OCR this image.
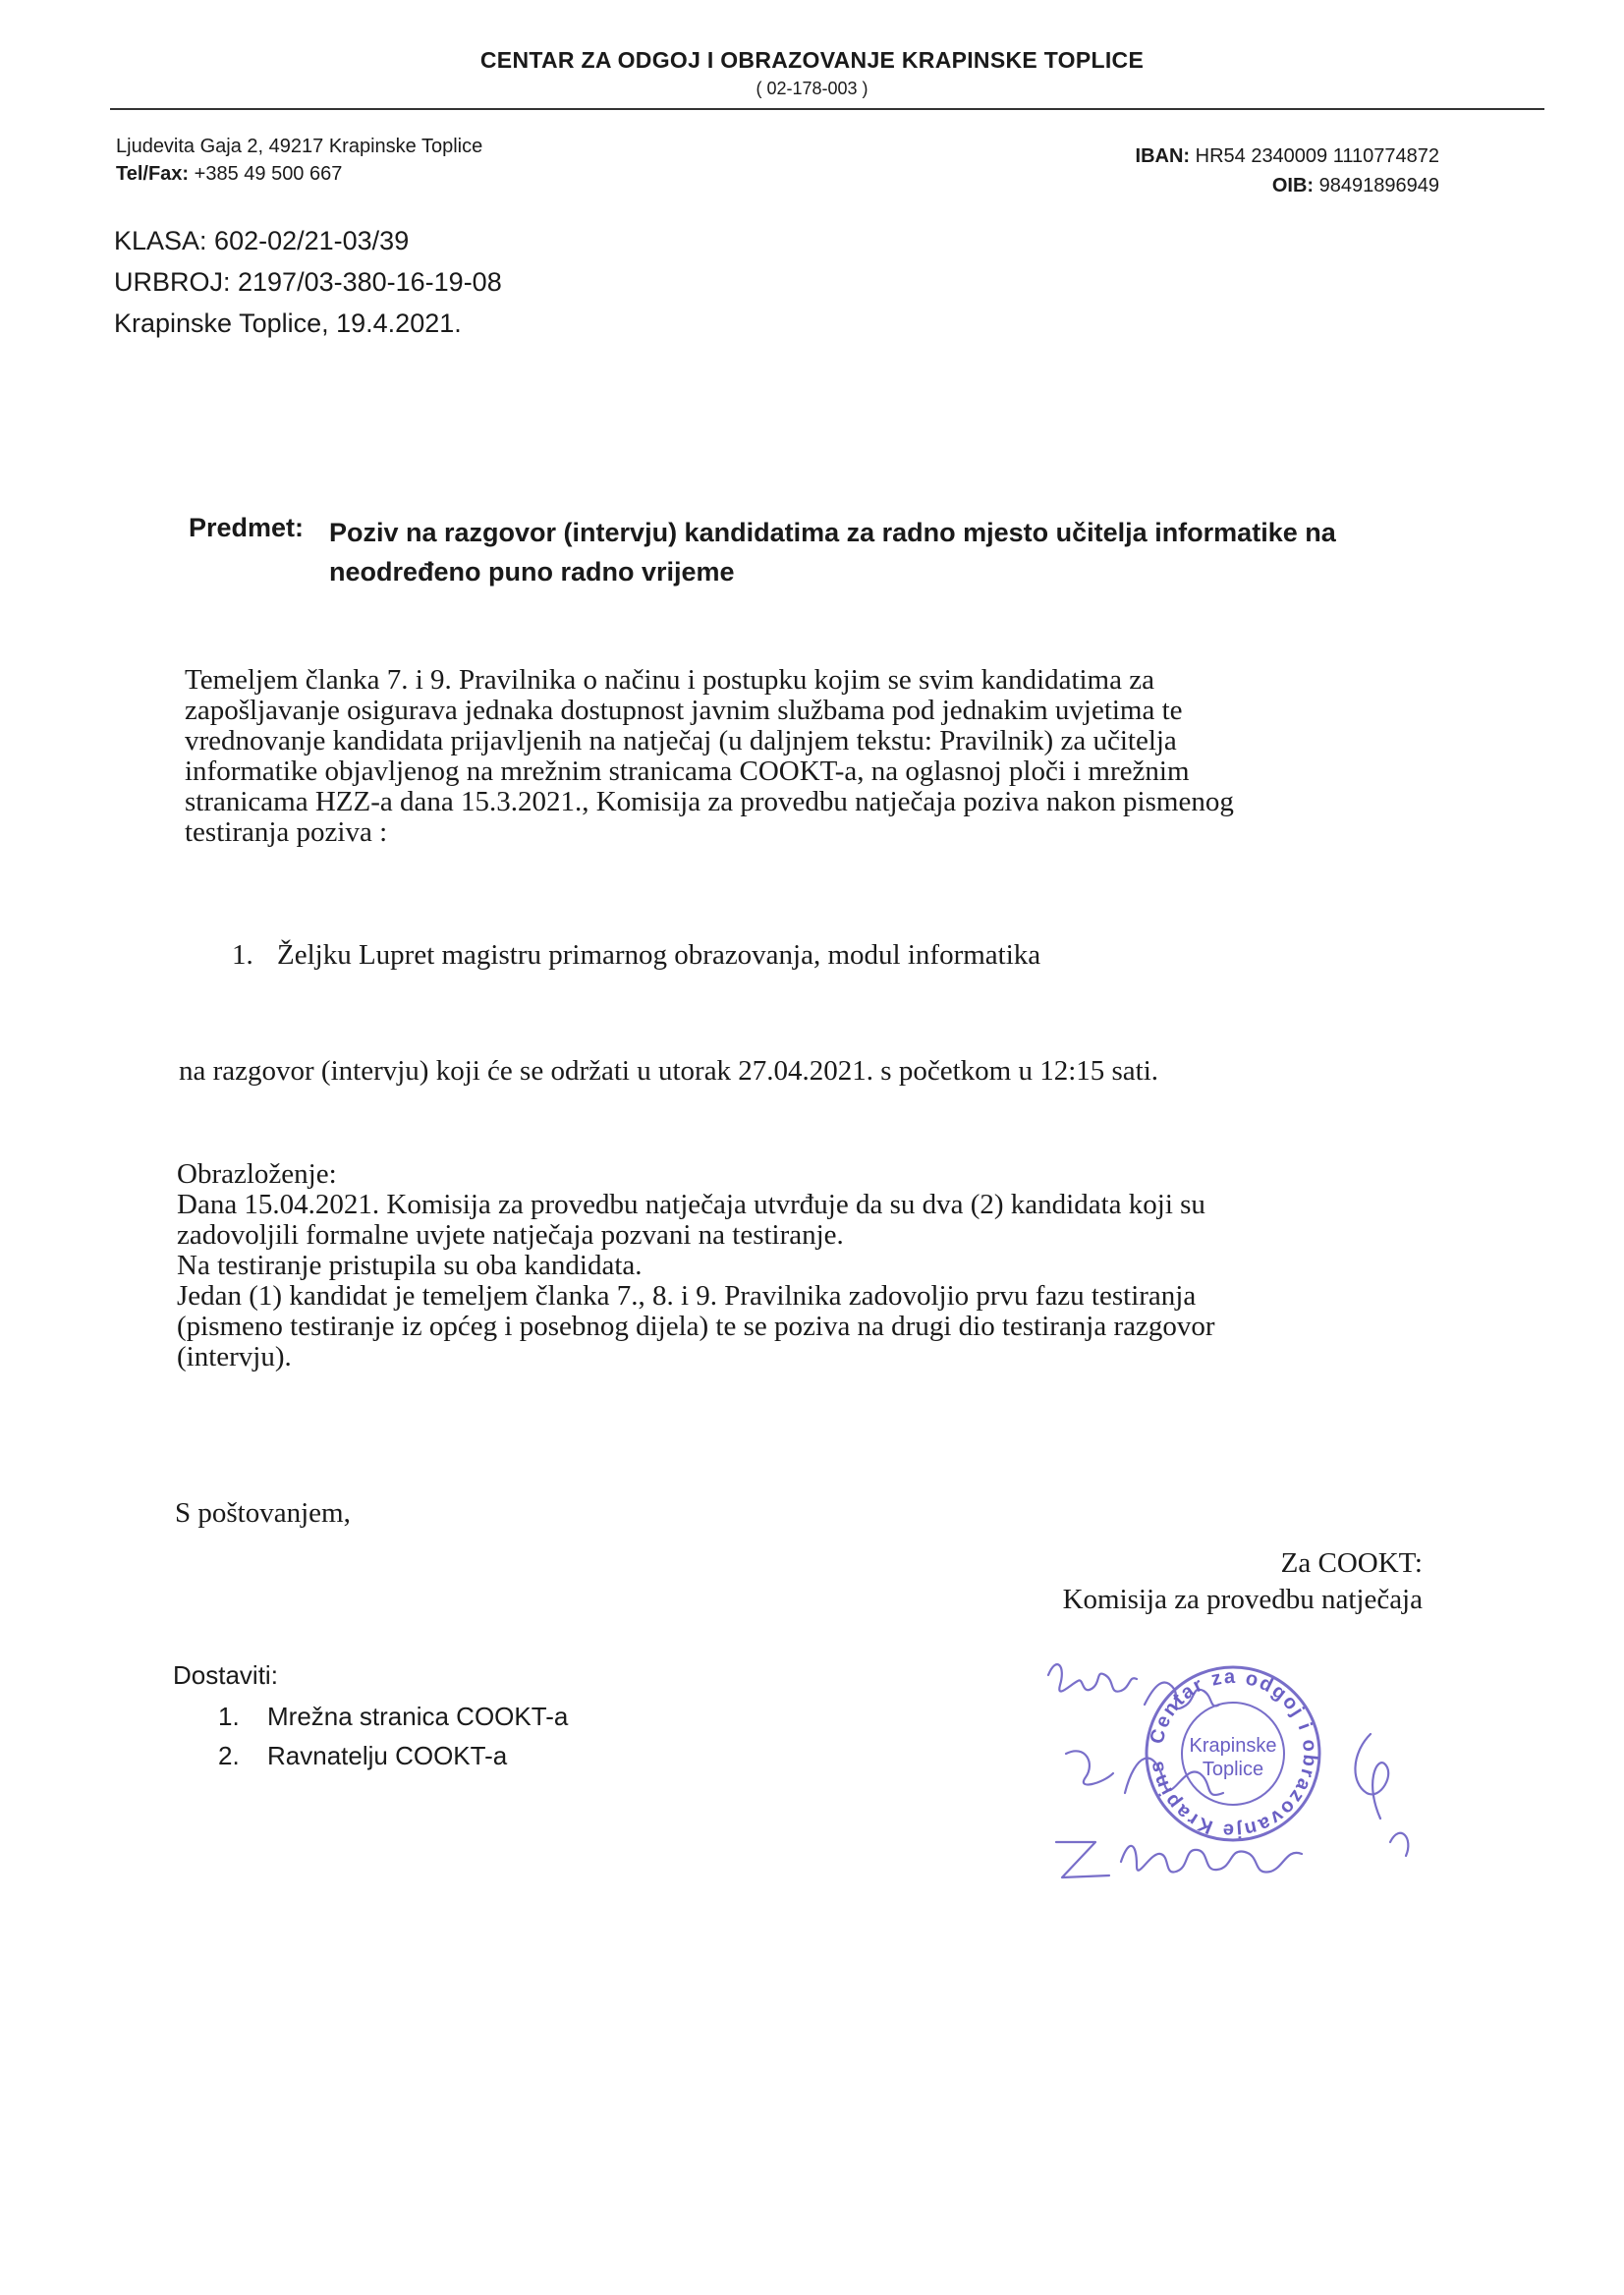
CENTAR ZA ODGOJ I OBRAZOVANJE KRAPINSKE TOPLICE
( 02-178-003 )
Ljudevita Gaja 2, 49217 Krapinske Toplice
Tel/Fax: +385 49 500 667
IBAN: HR54 2340009 1110774872
OIB: 98491896949
KLASA: 602-02/21-03/39
URBROJ: 2197/03-380-16-19-08
Krapinske Toplice, 19.4.2021.
Predmet: Poziv na razgovor (intervju) kandidatima za radno mjesto učitelja informatike na
neodređeno puno radno vrijeme
Temeljem članka 7. i 9. Pravilnika o načinu i postupku kojim se svim kandidatima za
zapošljavanje osigurava jednaka dostupnost javnim službama pod jednakim uvjetima te
vrednovanje kandidata prijavljenih na natječaj (u daljnjem tekstu: Pravilnik) za učitelja
informatike objavljenog na mrežnim stranicama COOKT-a, na oglasnoj ploči i mrežnim
stranicama HZZ-a dana 15.3.2021., Komisija za provedbu natječaja poziva nakon pismenog
testiranja poziva :
1. Željku Lupret magistru primarnog obrazovanja, modul informatika
na razgovor (intervju) koji će se održati u utorak 27.04.2021. s početkom u 12:15 sati.
Obrazloženje:
Dana 15.04.2021. Komisija za provedbu natječaja utvrđuje da su dva (2) kandidata koji su
zadovoljili formalne uvjete natječaja pozvani na testiranje.
Na testiranje pristupila su oba kandidata.
Jedan (1) kandidat je temeljem članka 7., 8. i 9. Pravilnika zadovoljio prvu fazu testiranja
(pismeno testiranje iz općeg i posebnog dijela) te se poziva na drugi dio testiranja razgovor
(intervju).
S poštovanjem,
Za COOKT:
Komisija za provedbu natječaja
Dostaviti:
1. Mrežna stranica COOKT-a
2. Ravnatelju COOKT-a
Centar za odgoj i obrazovanje Krapins
Krapinske
Toplice
